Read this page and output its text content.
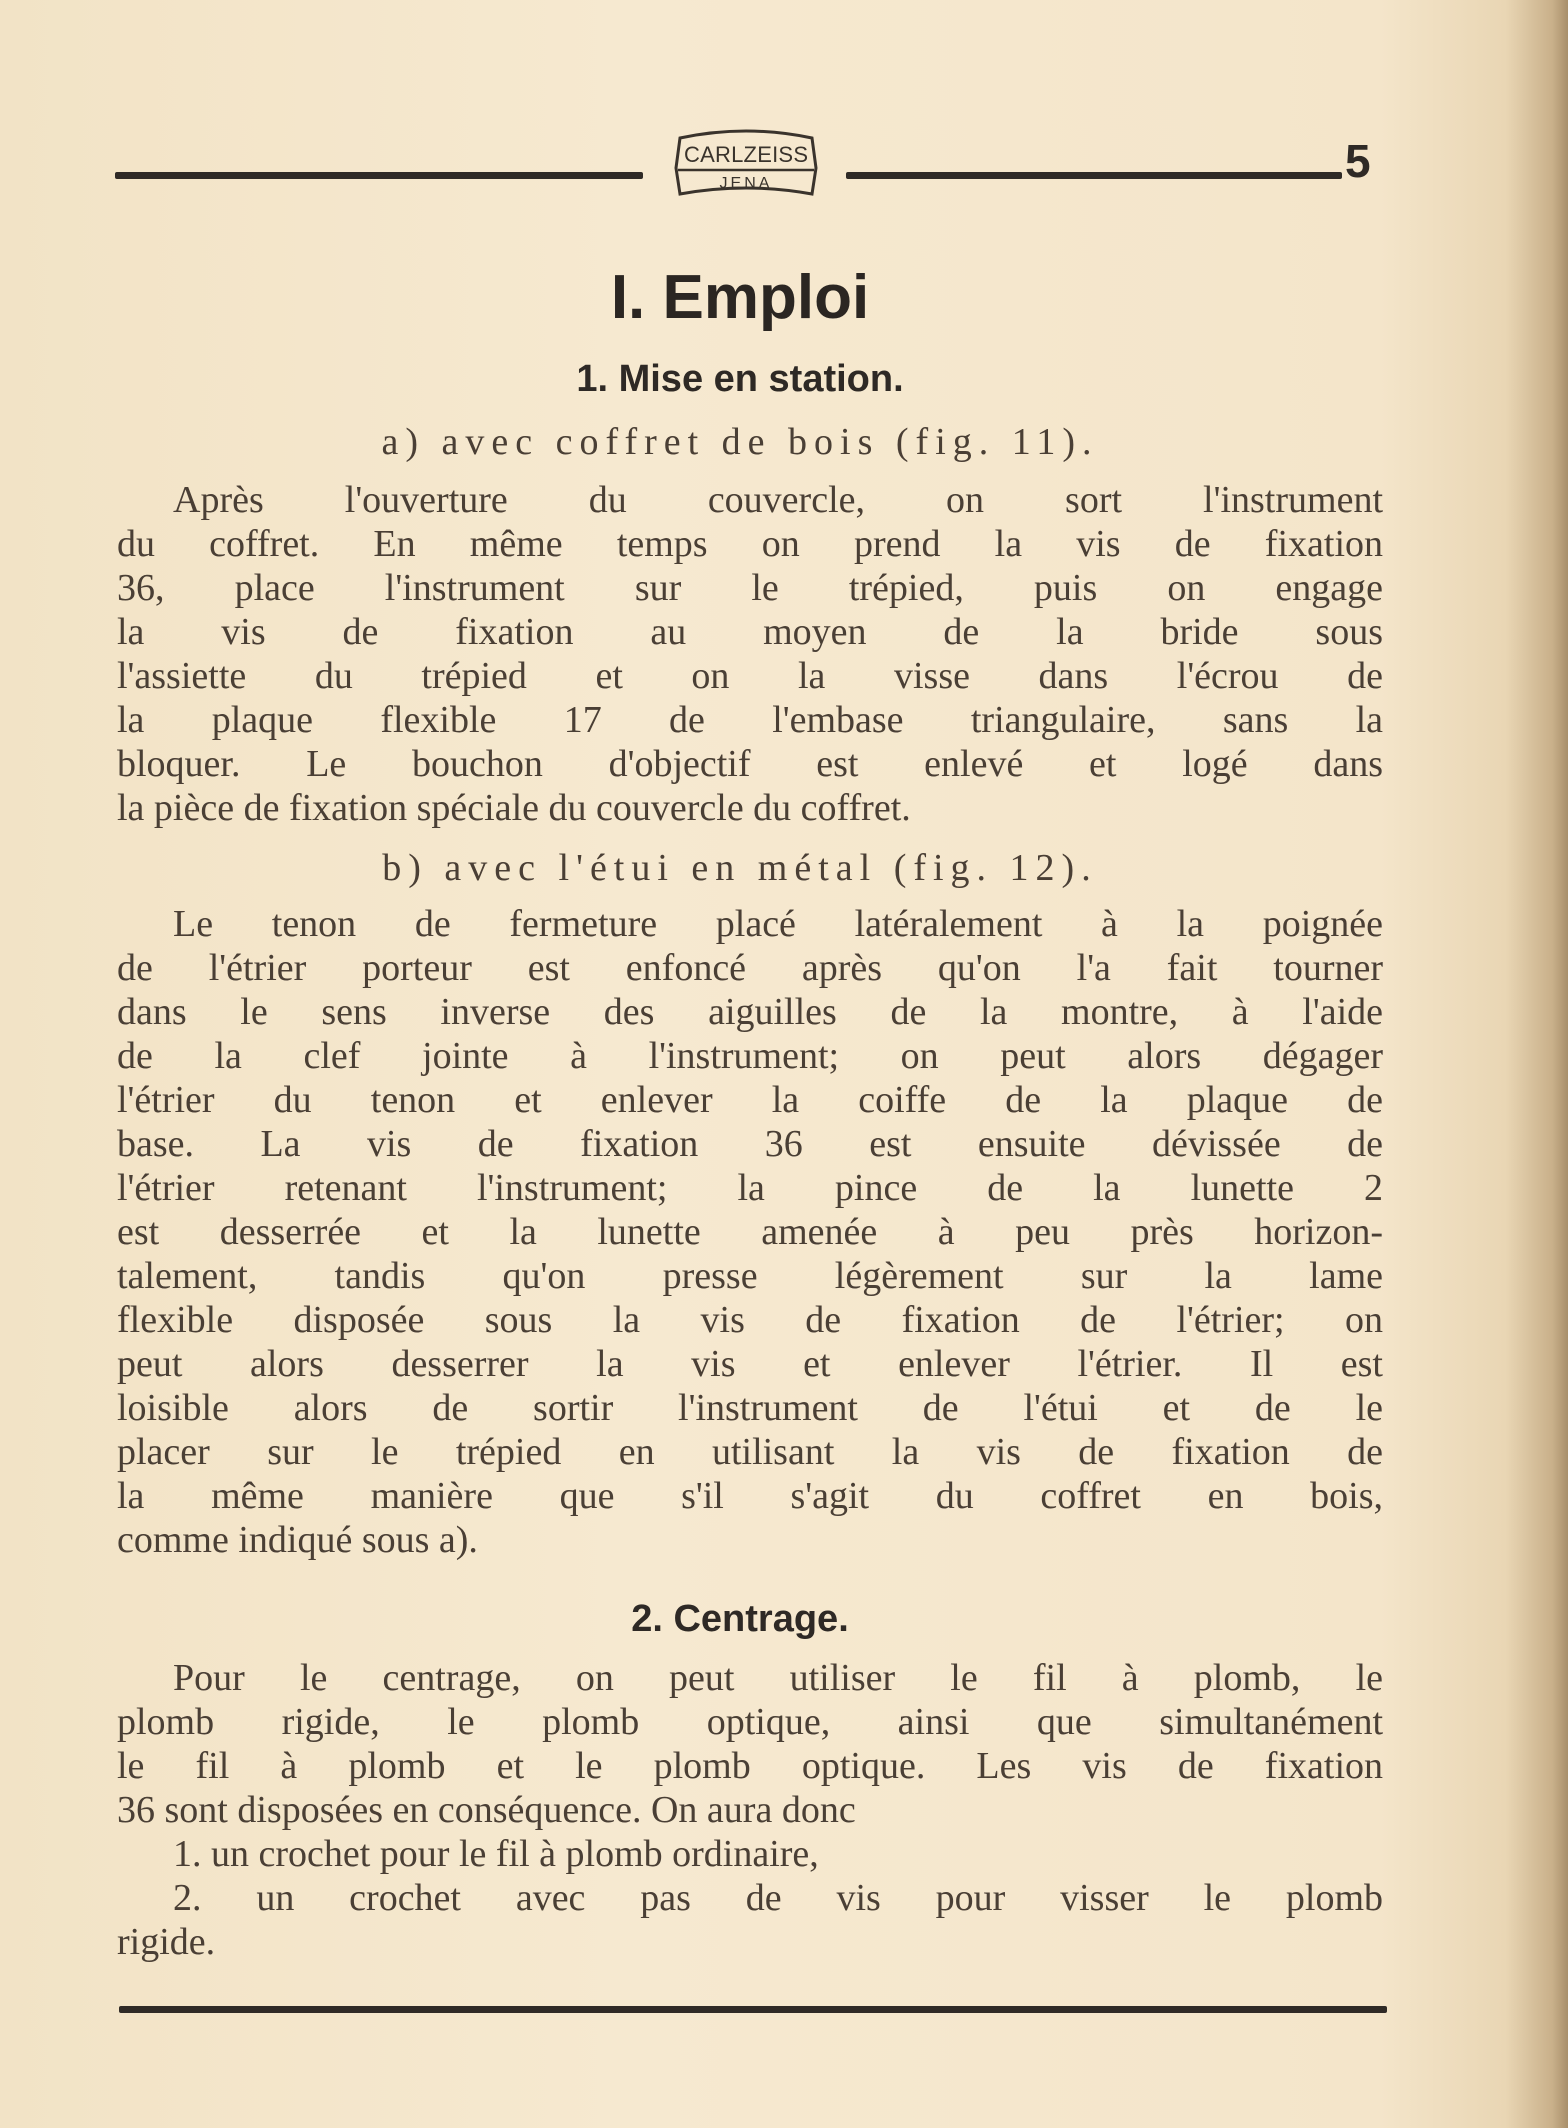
CARLZEISS
JENA	5
I. Emploi
1. Mise en station.
a) avec coffret de bois (fig. 11).
Après l'ouverture du couvercle, on sort l'instrument
du coffret. En même temps on prend la vis de fixation
36, place l'instrument sur le trépied, puis on engage
la vis de fixation au moyen de la bride sous
l'assiette du trépied et on la visse dans l'écrou de
la plaque flexible 17 de l'embase triangulaire, sans la
bloquer. Le bouchon d'objectif est enlevé et logé dans
la pièce de fixation spéciale du couvercle du coffret.
b) avec l'étui en métal (fig. 12).
Le tenon de fermeture placé latéralement à la poignée
de l'étrier porteur est enfoncé après qu'on l'a fait tourner
dans le sens inverse des aiguilles de la montre, à l'aide
de la clef jointe à l'instrument; on peut alors dégager
l'étrier du tenon et enlever la coiffe de la plaque de
base. La vis de fixation 36 est ensuite dévissée de
l'étrier retenant l'instrument; la pince de la lunette 2
est desserrée et la lunette amenée à peu près horizon-
talement, tandis qu'on presse légèrement sur la lame
flexible disposée sous la vis de fixation de l'étrier; on
peut alors desserrer la vis et enlever l'étrier. Il est
loisible alors de sortir l'instrument de l'étui et de le
placer sur le trépied en utilisant la vis de fixation de
la même manière que s'il s'agit du coffret en bois,
comme indiqué sous a).
2. Centrage.
Pour le centrage, on peut utiliser le fil à plomb, le
plomb rigide, le plomb optique, ainsi que simultanément
le fil à plomb et le plomb optique. Les vis de fixation
36 sont disposées en conséquence. On aura donc
1. un crochet pour le fil à plomb ordinaire,
2. un crochet avec pas de vis pour visser le plomb
rigide.
